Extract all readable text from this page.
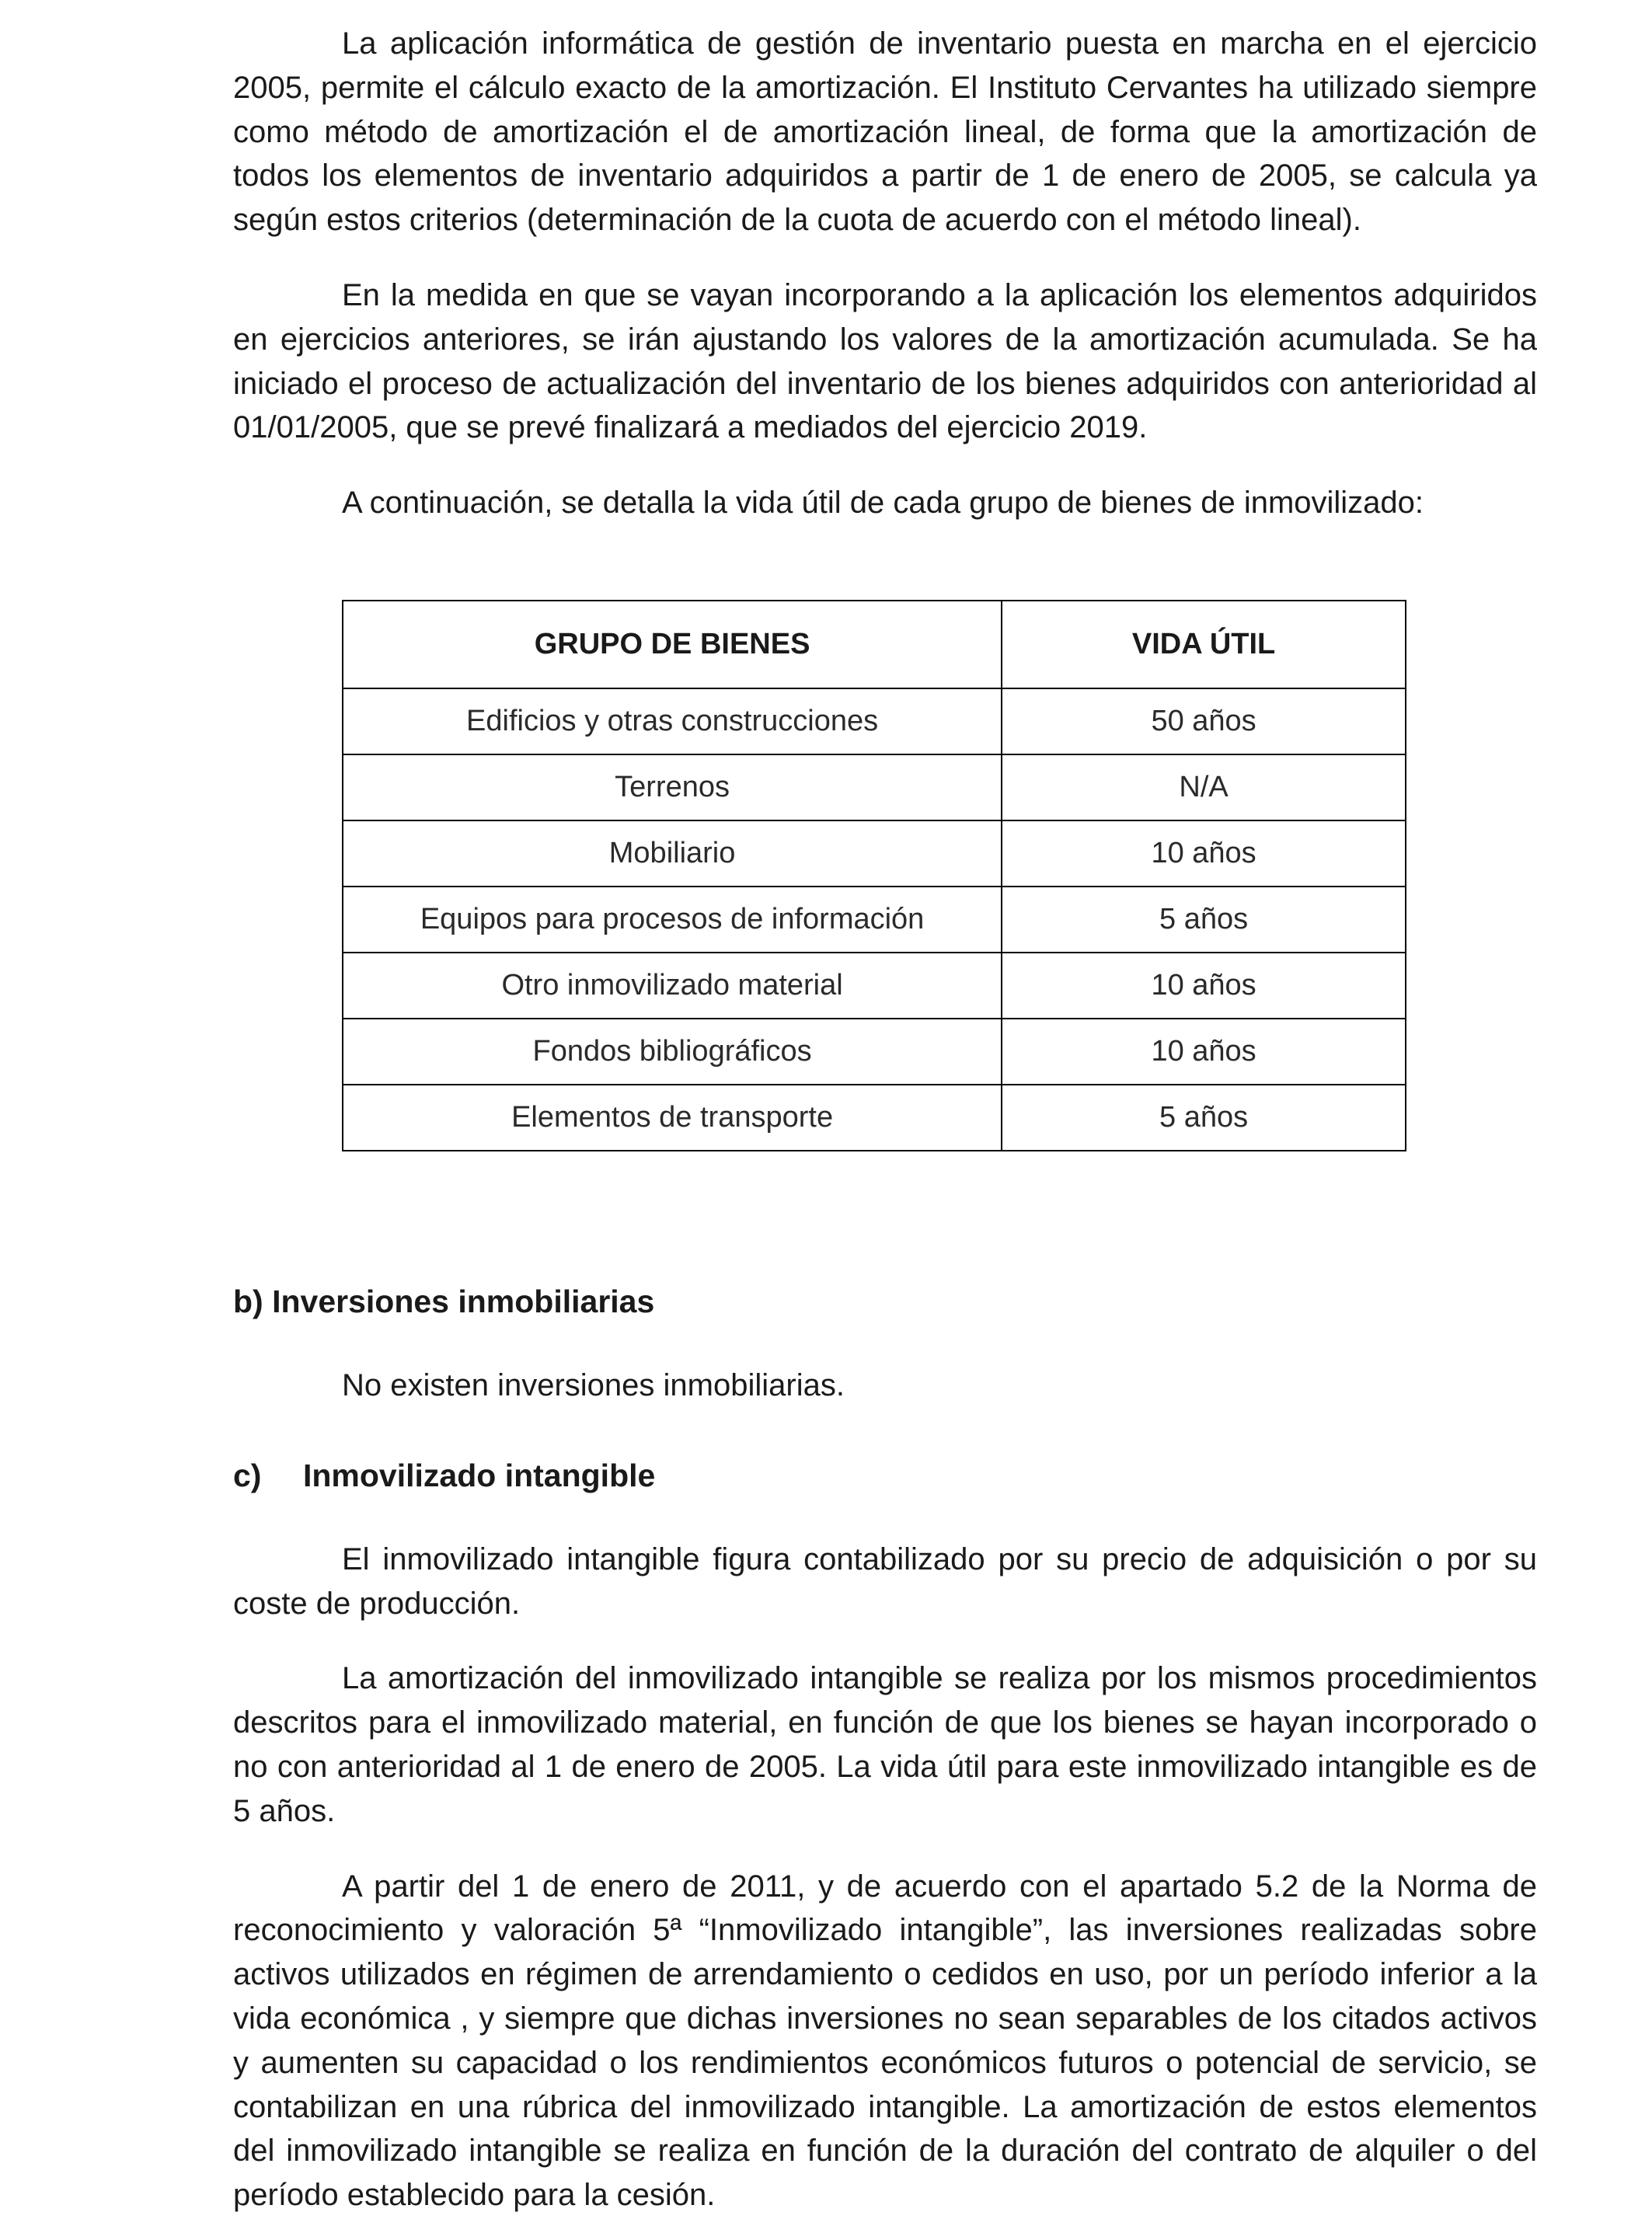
La aplicación informática de gestión de inventario puesta en marcha en el ejercicio 2005, permite el cálculo exacto de la amortización. El Instituto Cervantes ha utilizado siempre como método de amortización el de amortización lineal, de forma que la amortización de todos los elementos de inventario adquiridos a partir de 1 de enero de 2005, se calcula ya según estos criterios (determinación de la cuota de acuerdo con el método lineal).

En la medida en que se vayan incorporando a la aplicación los elementos adquiridos en ejercicios anteriores, se irán ajustando los valores de la amortización acumulada. Se ha iniciado el proceso de actualización del inventario de los bienes adquiridos con anterioridad al 01/01/2005, que se prevé finalizará a mediados del ejercicio 2019.

A continuación, se detalla la vida útil de cada grupo de bienes de inmovilizado:

GRUPO DE BIENES	VIDA ÚTIL
Edificios y otras construcciones	50 años
Terrenos	N/A
Mobiliario	10 años
Equipos para procesos de información	5 años
Otro inmovilizado material	10 años
Fondos bibliográficos	10 años
Elementos de transporte	5 años
b) Inversiones inmobiliarias

No existen inversiones inmobiliarias.

c) Inmovilizado intangible

El inmovilizado intangible figura contabilizado por su precio de adquisición o por su coste de producción.

La amortización del inmovilizado intangible se realiza por los mismos procedimientos descritos para el inmovilizado material, en función de que los bienes se hayan incorporado o no con anterioridad al 1 de enero de 2005. La vida útil para este inmovilizado intangible es de 5 años.

A partir del 1 de enero de 2011, y de acuerdo con el apartado 5.2 de la Norma de reconocimiento y valoración 5ª “Inmovilizado intangible”, las inversiones realizadas sobre activos utilizados en régimen de arrendamiento o cedidos en uso, por un período inferior a la vida económica , y siempre que dichas inversiones no sean separables de los citados activos y aumenten su capacidad o los rendimientos económicos futuros o potencial de servicio, se contabilizan en una rúbrica del inmovilizado intangible. La amortización de estos elementos del inmovilizado intangible se realiza en función de la duración del contrato de alquiler o del período establecido para la cesión.
